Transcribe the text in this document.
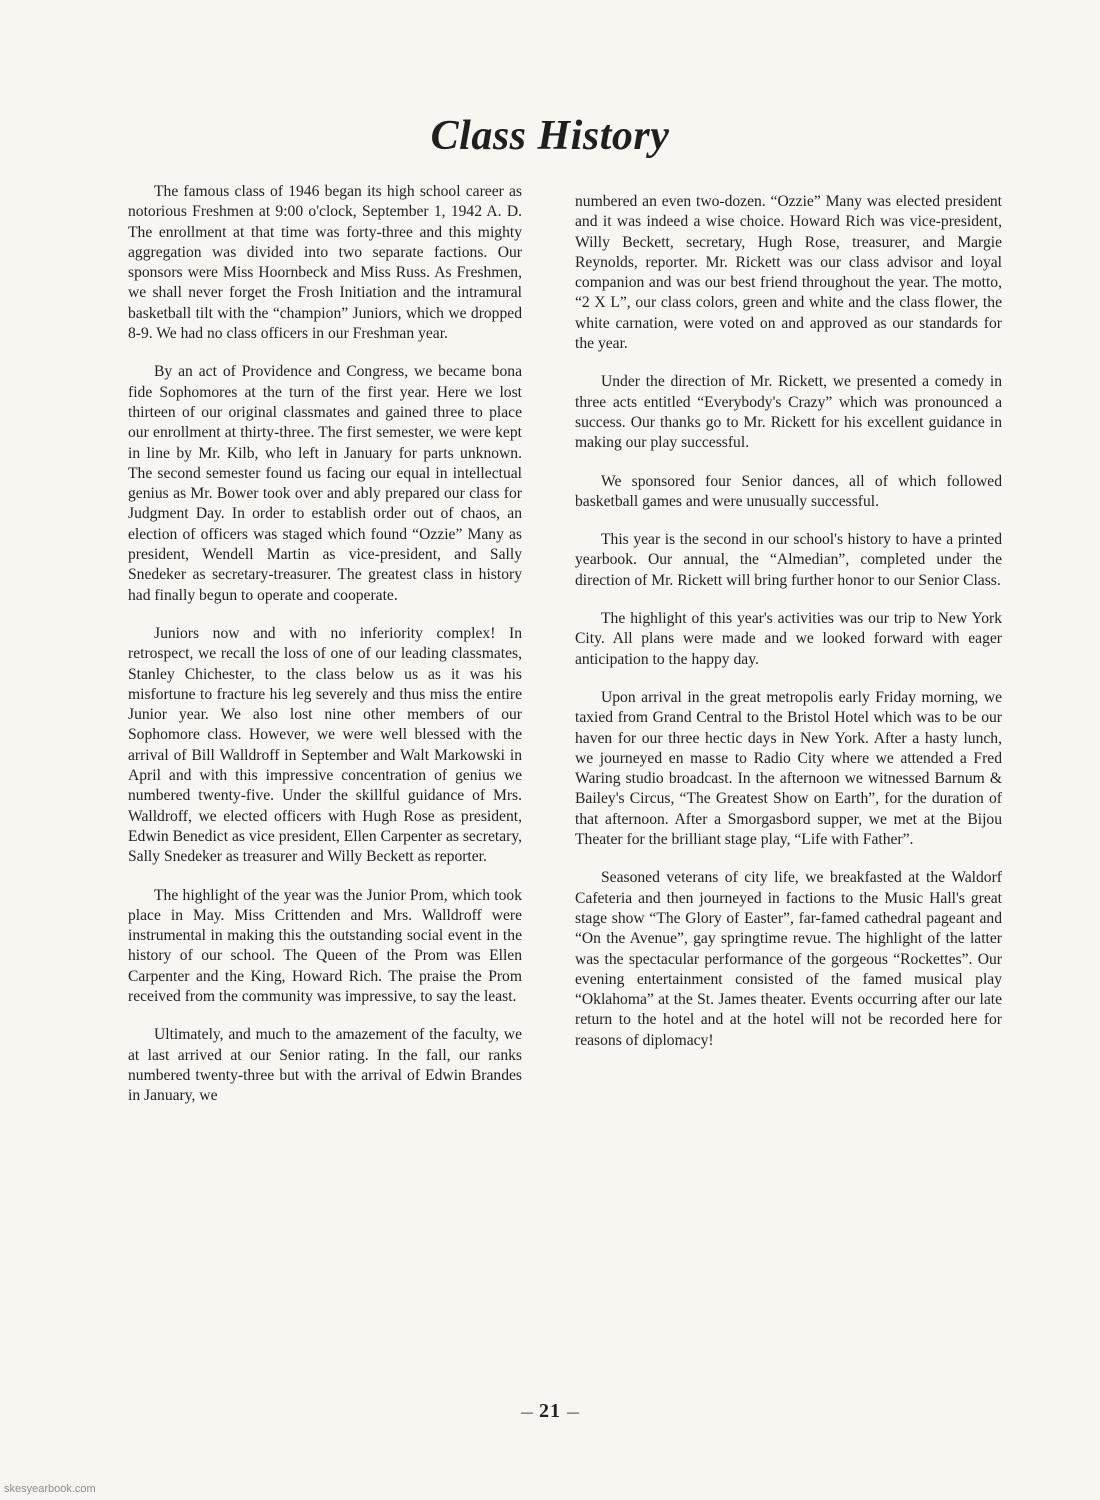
Class History

The famous class of 1946 began its high school career as notorious Freshmen at 9:00 o'clock, September 1, 1942 A. D. The enrollment at that time was forty-three and this mighty aggregation was divided into two separate factions. Our sponsors were Miss Hoornbeck and Miss Russ. As Freshmen, we shall never forget the Frosh Initiation and the intramural basketball tilt with the “champion” Juniors, which we dropped 8-9. We had no class officers in our Freshman year.

By an act of Providence and Congress, we became bona fide Sophomores at the turn of the first year. Here we lost thirteen of our original classmates and gained three to place our enrollment at thirty-three. The first semester, we were kept in line by Mr. Kilb, who left in January for parts unknown. The second semester found us facing our equal in intellectual genius as Mr. Bower took over and ably prepared our class for Judgment Day. In order to establish order out of chaos, an election of officers was staged which found “Ozzie” Many as president, Wendell Martin as vice-president, and Sally Snedeker as secretary-treasurer. The greatest class in history had finally begun to operate and cooperate.

Juniors now and with no inferiority complex! In retrospect, we recall the loss of one of our leading classmates, Stanley Chichester, to the class below us as it was his misfortune to fracture his leg severely and thus miss the entire Junior year. We also lost nine other members of our Sophomore class. However, we were well blessed with the arrival of Bill Walldroff in September and Walt Markowski in April and with this impressive concentration of genius we numbered twenty-five. Under the skillful guidance of Mrs. Walldroff, we elected officers with Hugh Rose as president, Edwin Benedict as vice president, Ellen Carpenter as secretary, Sally Snedeker as treasurer and Willy Beckett as reporter.

The highlight of the year was the Junior Prom, which took place in May. Miss Crittenden and Mrs. Walldroff were instrumental in making this the outstanding social event in the history of our school. The Queen of the Prom was Ellen Carpenter and the King, Howard Rich. The praise the Prom received from the community was impressive, to say the least.

Ultimately, and much to the amazement of the faculty, we at last arrived at our Senior rating. In the fall, our ranks numbered twenty-three but with the arrival of Edwin Brandes in January, we

numbered an even two-dozen. “Ozzie” Many was elected president and it was indeed a wise choice. Howard Rich was vice-president, Willy Beckett, secretary, Hugh Rose, treasurer, and Margie Reynolds, reporter. Mr. Rickett was our class advisor and loyal companion and was our best friend throughout the year. The motto, “2 X L”, our class colors, green and white and the class flower, the white carnation, were voted on and approved as our standards for the year.

Under the direction of Mr. Rickett, we presented a comedy in three acts entitled “Everybody's Crazy” which was pronounced a success. Our thanks go to Mr. Rickett for his excellent guidance in making our play successful.

We sponsored four Senior dances, all of which followed basketball games and were unusually successful.

This year is the second in our school's history to have a printed yearbook. Our annual, the “Almedian”, completed under the direction of Mr. Rickett will bring further honor to our Senior Class.

The highlight of this year's activities was our trip to New York City. All plans were made and we looked forward with eager anticipation to the happy day.

Upon arrival in the great metropolis early Friday morning, we taxied from Grand Central to the Bristol Hotel which was to be our haven for our three hectic days in New York. After a hasty lunch, we journeyed en masse to Radio City where we attended a Fred Waring studio broadcast. In the afternoon we witnessed Barnum & Bailey's Circus, “The Greatest Show on Earth”, for the duration of that afternoon. After a Smorgasbord supper, we met at the Bijou Theater for the brilliant stage play, “Life with Father”.

Seasoned veterans of city life, we breakfasted at the Waldorf Cafeteria and then journeyed in factions to the Music Hall's great stage show “The Glory of Easter”, far-famed cathedral pageant and “On the Avenue”, gay springtime revue. The highlight of the latter was the spectacular performance of the gorgeous “Rockettes”. Our evening entertainment consisted of the famed musical play “Oklahoma” at the St. James theater. Events occurring after our late return to the hotel and at the hotel will not be recorded here for reasons of diplomacy!

–– 21 ––
skesyearbook.com
